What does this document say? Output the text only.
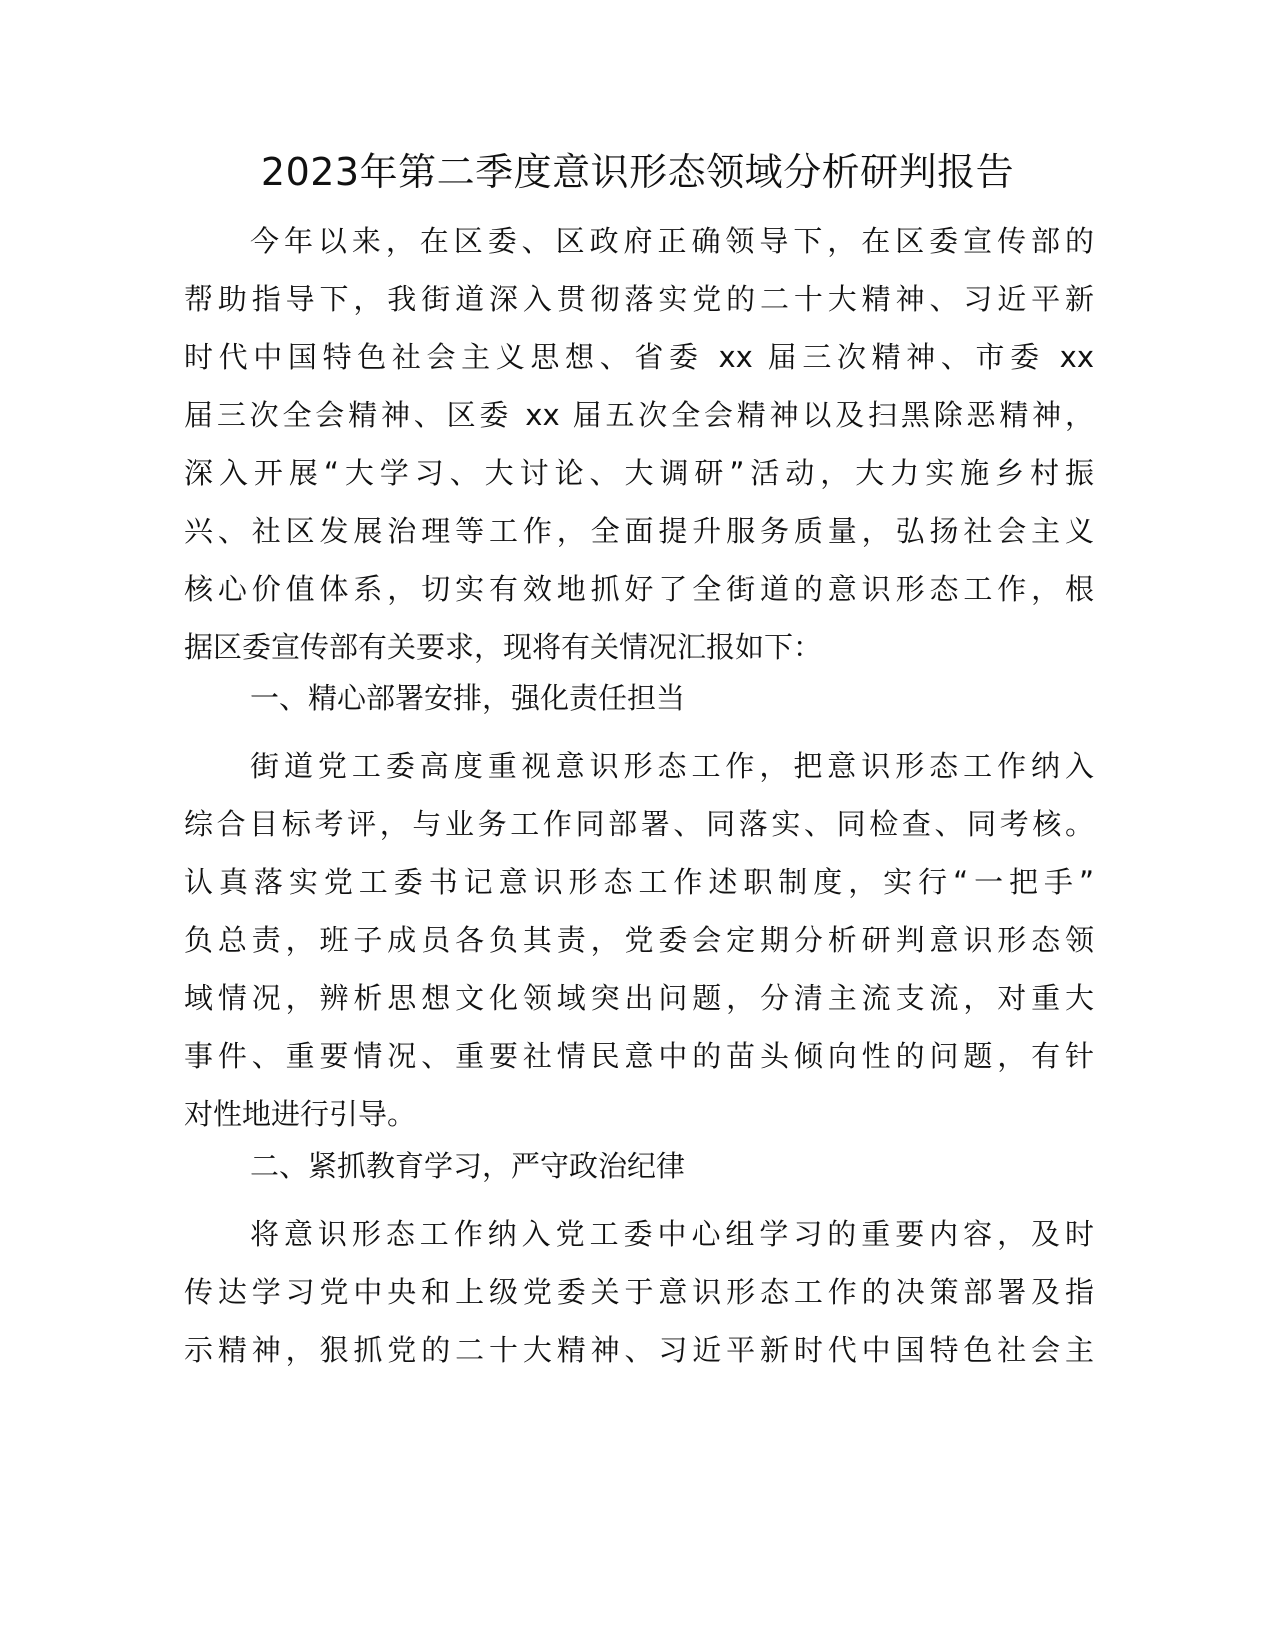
2023年第二季度意识形态领域分析研判报告

今年以来，在区委、区政府正确领导下，在区委宣传部的
帮助指导下，我街道深入贯彻落实党的二十大精神、习近平新
时代中国特色社会主义思想、省委 xx 届三次精神、市委 xx
届三次全会精神、区委 xx 届五次全会精神以及扫黑除恶精神，
深入开展“大学习、大讨论、大调研”活动，大力实施乡村振
兴、社区发展治理等工作，全面提升服务质量，弘扬社会主义
核心价值体系，切实有效地抓好了全街道的意识形态工作，根
据区委宣传部有关要求，现将有关情况汇报如下：

一、精心部署安排，强化责任担当

街道党工委高度重视意识形态工作，把意识形态工作纳入
综合目标考评，与业务工作同部署、同落实、同检查、同考核。
认真落实党工委书记意识形态工作述职制度，实行“一把手”
负总责，班子成员各负其责，党委会定期分析研判意识形态领
域情况，辨析思想文化领域突出问题，分清主流支流，对重大
事件、重要情况、重要社情民意中的苗头倾向性的问题，有针
对性地进行引导。

二、紧抓教育学习，严守政治纪律

将意识形态工作纳入党工委中心组学习的重要内容，及时
传达学习党中央和上级党委关于意识形态工作的决策部署及指
示精神，狠抓党的二十大精神、习近平新时代中国特色社会主
